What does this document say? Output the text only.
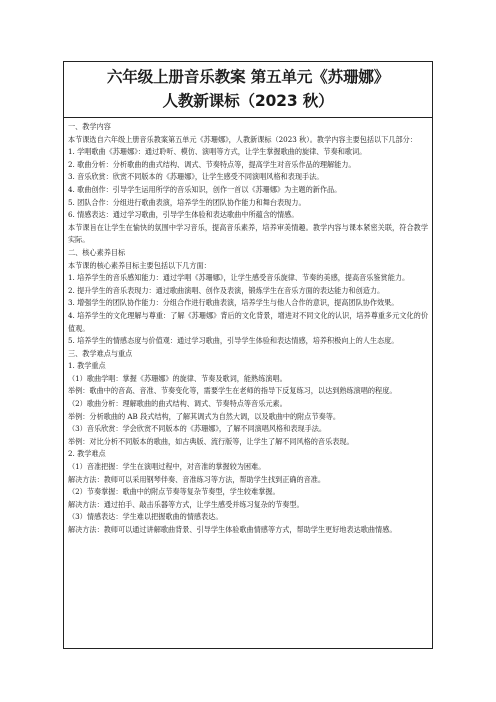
六年级上册音乐教案 第五单元《苏珊娜》
人教新课标（2023 秋）

一、教学内容

本节课选自六年级上册音乐教案第五单元《苏珊娜》，人教新课标（2023 秋）。教学内容主要包括以下几部分：

1. 学唱歌曲《苏珊娜》：通过聆听、模仿、演唱等方式，让学生掌握歌曲的旋律、节奏和歌词。

2. 歌曲分析：分析歌曲的曲式结构、调式、节奏特点等，提高学生对音乐作品的理解能力。

3. 音乐欣赏：欣赏不同版本的《苏珊娜》，让学生感受不同演唱风格和表现手法。

4. 歌曲创作：引导学生运用所学的音乐知识，创作一首以《苏珊娜》为主题的新作品。

5. 团队合作：分组进行歌曲表演，培养学生的团队协作能力和舞台表现力。

6. 情感表达：通过学习歌曲，引导学生体验和表达歌曲中所蕴含的情感。

本节课旨在让学生在愉快的氛围中学习音乐，提高音乐素养，培养审美情趣。教学内容与课本紧密关联，符合教学实际。

二、核心素养目标

本节课的核心素养目标主要包括以下几方面：

1. 培养学生的音乐感知能力：通过学唱《苏珊娜》，让学生感受音乐旋律、节奏的美感，提高音乐鉴赏能力。

2. 提升学生的音乐表现力：通过歌曲演唱、创作及表演，锻炼学生在音乐方面的表达能力和创造力。

3. 增强学生的团队协作能力：分组合作进行歌曲表演，培养学生与他人合作的意识，提高团队协作效果。

4. 培养学生的文化理解与尊重：了解《苏珊娜》背后的文化背景，增进对不同文化的认识，培养尊重多元文化的价值观。

5. 培养学生的情感态度与价值观：通过学习歌曲，引导学生体验和表达情感，培养积极向上的人生态度。

三、教学难点与重点

1. 教学重点

（1）歌曲学唱：掌握《苏珊娜》的旋律、节奏及歌词，能熟练演唱。

举例：歌曲中的音高、音准、节奏变化等，需要学生在老师的指导下反复练习，以达到熟练演唱的程度。

（2）歌曲分析：理解歌曲的曲式结构、调式、节奏特点等音乐元素。

举例：分析歌曲的 AB 段式结构，了解其调式为自然大调，以及歌曲中的附点节奏等。

（3）音乐欣赏：学会欣赏不同版本的《苏珊娜》，了解不同演唱风格和表现手法。

举例：对比分析不同版本的歌曲，如古典版、流行版等，让学生了解不同风格的音乐表现。

2. 教学难点

（1）音准把握：学生在演唱过程中，对音准的掌握较为困难。

解决方法：教师可以采用钢琴伴奏、音准练习等方法，帮助学生找到正确的音准。

（2）节奏掌握：歌曲中的附点节奏等复杂节奏型，学生较难掌握。

解决方法：通过拍手、敲击乐器等方式，让学生感受并练习复杂的节奏型。

（3）情感表达：学生难以把握歌曲的情感表达。

解决方法：教师可以通过讲解歌曲背景、引导学生体验歌曲情感等方式，帮助学生更好地表达歌曲情感。
